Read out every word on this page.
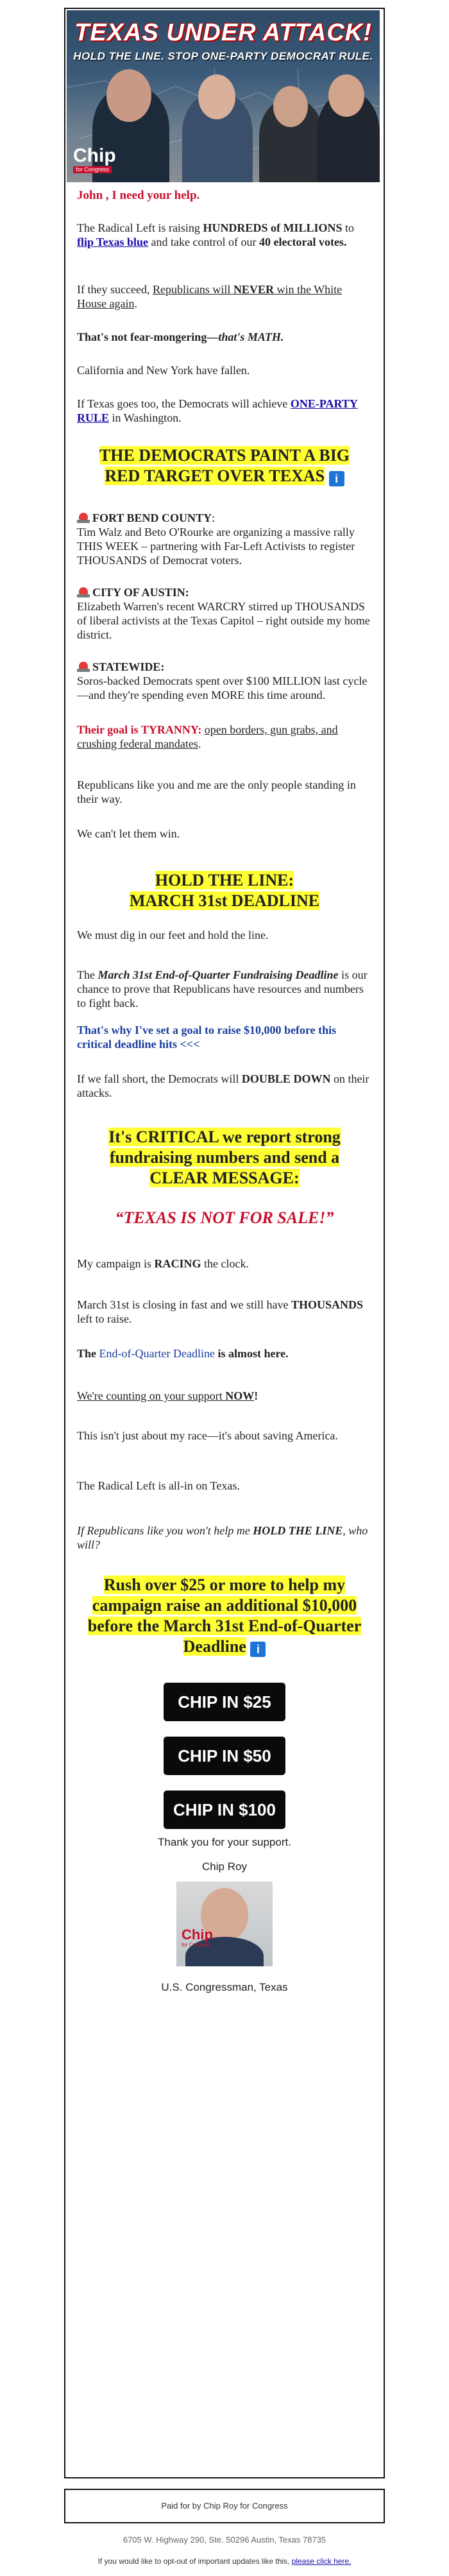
TEXAS UNDER ATTACK!
HOLD THE LINE. STOP ONE-PARTY DEMOCRAT RULE.
Chip
for Congress

John , I need your help.

The Radical Left is raising HUNDREDS of MILLIONS to flip Texas blue and take control of our 40 electoral votes.

If they succeed, Republicans will NEVER win the White House again.

That's not fear-mongering—that's MATH.

California and New York have fallen.

If Texas goes too, the Democrats will achieve ONE-PARTY RULE in Washington.

THE DEMOCRATS PAINT A BIG RED TARGET OVER TEXAS i

FORT BEND COUNTY:

Tim Walz and Beto O'Rourke are organizing a massive rally THIS WEEK – partnering with Far-Left Activists to register THOUSANDS of Democrat voters.

CITY OF AUSTIN:

Elizabeth Warren's recent WARCRY stirred up THOUSANDS of liberal activists at the Texas Capitol – right outside my home district.

STATEWIDE:

Soros-backed Democrats spent over $100 MILLION last cycle—and they're spending even MORE this time around.

Their goal is TYRANNY: open borders, gun grabs, and crushing federal mandates.

Republicans like you and me are the only people standing in their way.

We can't let them win.

HOLD THE LINE:
MARCH 31st DEADLINE

We must dig in our feet and hold the line.

The March 31st End-of-Quarter Fundraising Deadline is our chance to prove that Republicans have resources and numbers to fight back.

That's why I've set a goal to raise $10,000 before this critical deadline hits <<<

If we fall short, the Democrats will DOUBLE DOWN on their attacks.

It's CRITICAL we report strong fundraising numbers and send a CLEAR MESSAGE:
“TEXAS IS NOT FOR SALE!”

My campaign is RACING the clock.

March 31st is closing in fast and we still have THOUSANDS left to raise.

The End-of-Quarter Deadline is almost here.

We're counting on your support NOW!

This isn't just about my race—it's about saving America.

The Radical Left is all-in on Texas.

If Republicans like you won't help me HOLD THE LINE, who will?

Rush over $25 or more to help my campaign raise an additional $10,000 before the March 31st End-of-Quarter Deadline i
CHIP IN $25
CHIP IN $50
CHIP IN $100

Thank you for your support.

Chip Roy

Chip
for Congress

U.S. Congressman, Texas

Paid for by Chip Roy for Congress
6705 W. Highway 290, Ste. 50296 Austin, Texas 78735
If you would like to opt-out of important updates like this, please click here.
